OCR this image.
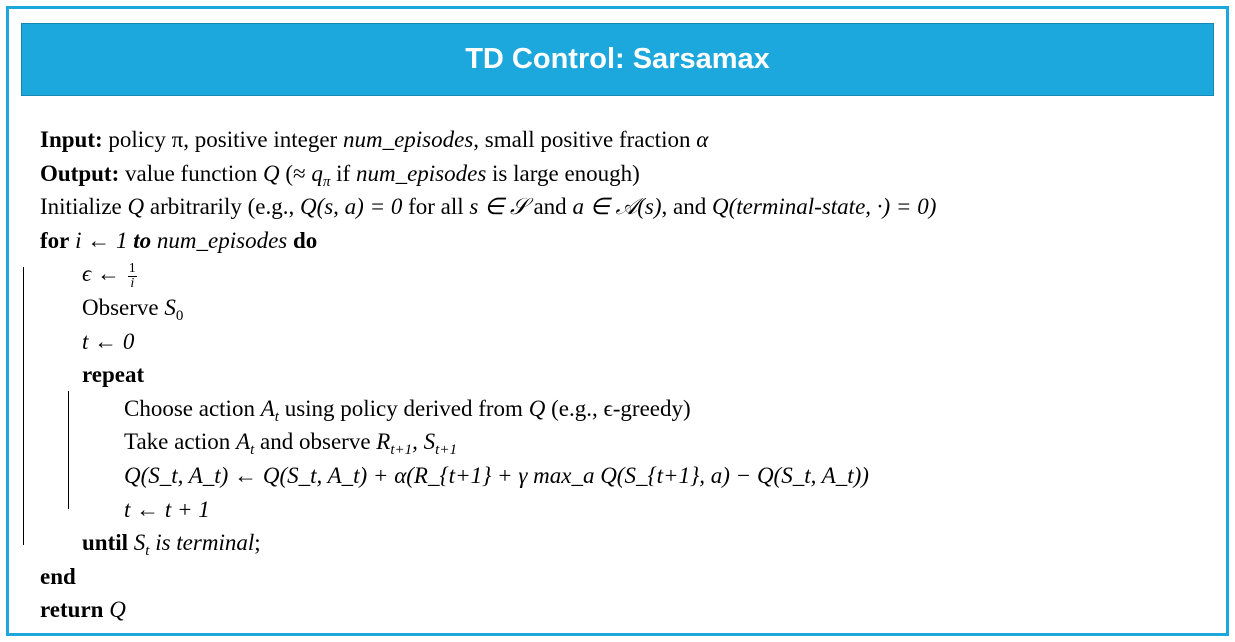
TD Control: Sarsamax
Input: policy π, positive integer num_episodes, small positive fraction α
Output: value function Q (≈ $q_\pi$ if num_episodes is large enough)
Initialize Q arbitrarily (e.g., Q(s, a) = 0 for all s ∈ 𝒮 and a ∈ 𝒜(s), and Q(terminal-state, ·) = 0)
for i ← 1 to num_episodes do
ϵ ← $\frac{1}{i}$
Observe $S_0$
t ← 0
repeat
Choose action $A_t$ using policy derived from Q (e.g., ϵ-greedy)
Take action $A_t$ and observe $R_{t+1}$, $S_{t+1}$
Q(S_t, A_t) ← Q(S_t, A_t) + α(R_{t+1} + γ max_a Q(S_{t+1}, a) − Q(S_t, A_t))
t ← t + 1
until $S_t$ is terminal;
end
return Q
